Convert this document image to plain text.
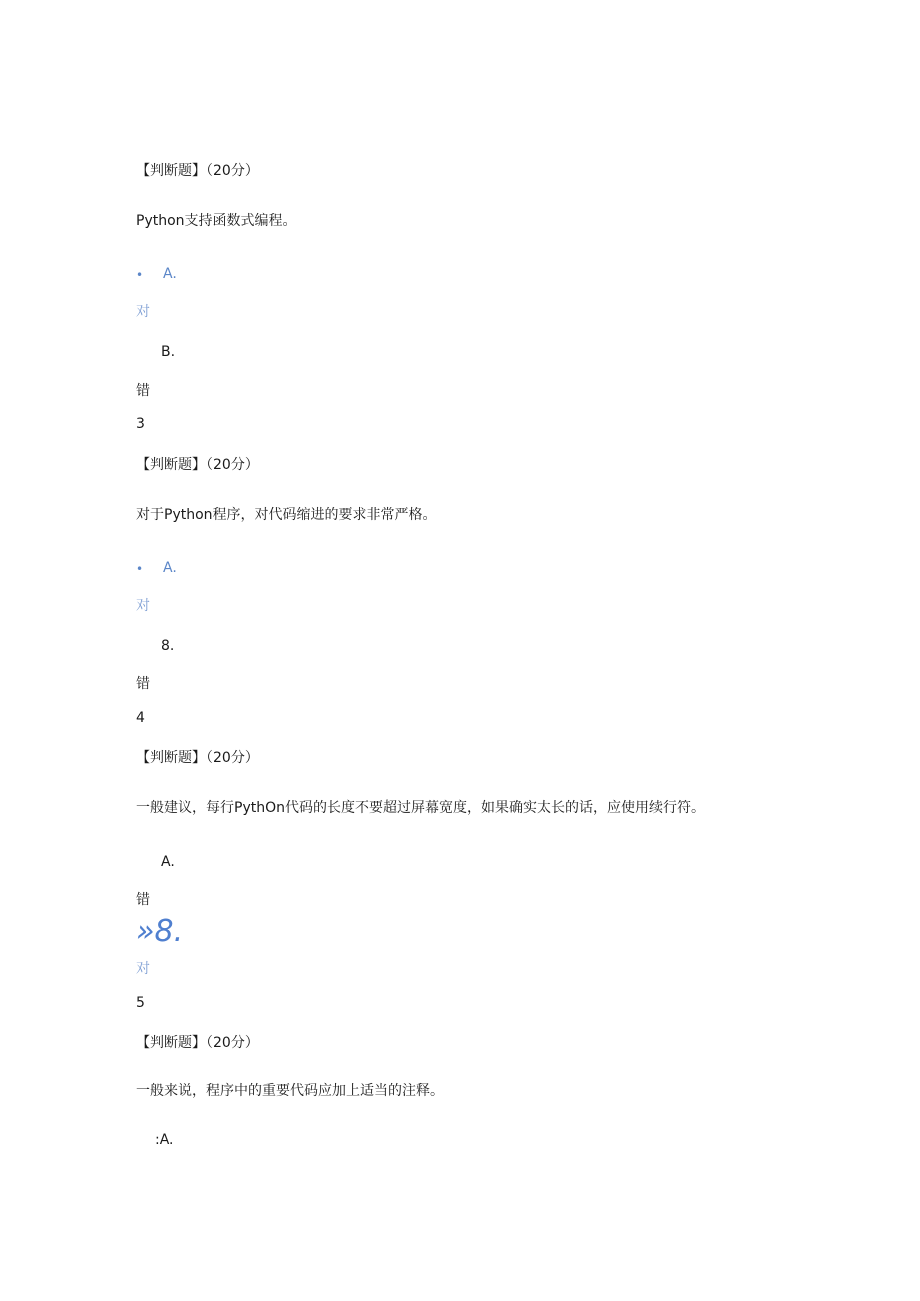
【判断题】（20分）
Python支持函数式编程。
• A.
对
B.
错
3
【判断题】（20分）
对于Python程序，对代码缩进的要求非常严格。
• A.
对
8.
错
4
【判断题】（20分）
一般建议，每行PythOn代码的长度不要超过屏幕宽度，如果确实太长的话，应使用续行符。
A.
错
»8.
对
5
【判断题】（20分）
一般来说，程序中的重要代码应加上适当的注释。
:A.
